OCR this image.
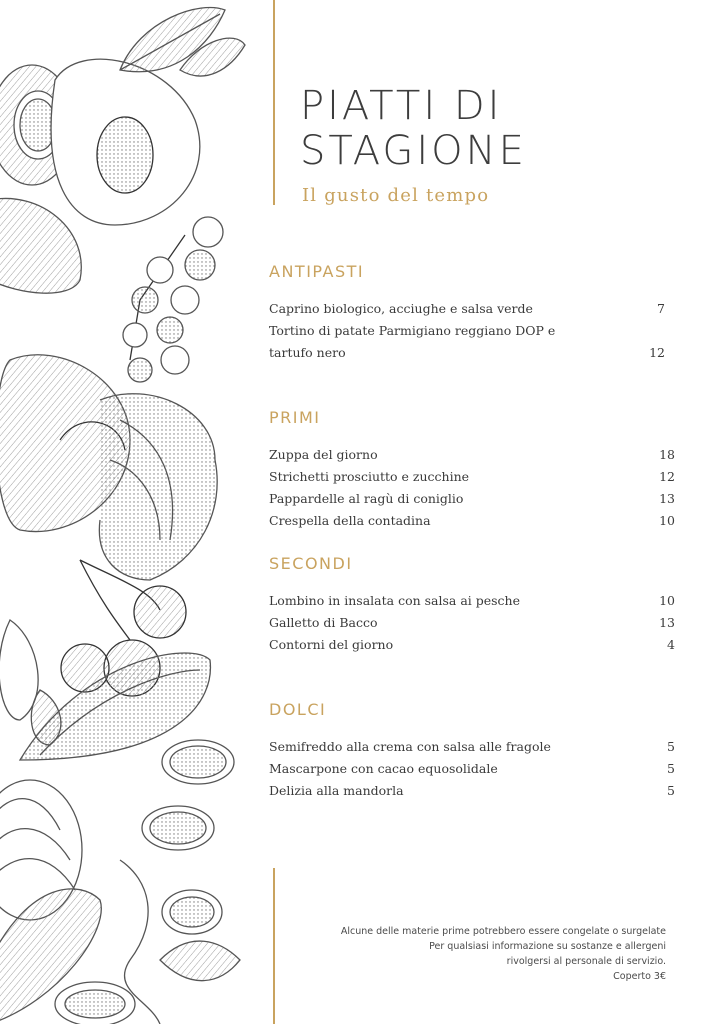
PIATTI DI
STAGIONE
Il gusto del tempo
ANTIPASTI
Caprino biologico, acciughe e salsa verde	7
Tortino di patate Parmigiano reggiano DOP e tartufo nero	12
PRIMI
Zuppa del giorno	18
Strichetti prosciutto e zucchine	12
Pappardelle al ragù di coniglio	13
Crespella della contadina	10
SECONDI
Lombino in insalata con salsa ai pesche	10
Galletto di Bacco	13
Contorni del giorno	4
DOLCI
Semifreddo alla crema con salsa alle fragole	5
Mascarpone con cacao equosolidale	5
Delizia alla mandorla	5
Alcune delle materie prime potrebbero essere congelate o surgelate
Per qualsiasi informazione su sostanze e allergeni
rivolgersi al personale di servizio.
Coperto 3€
